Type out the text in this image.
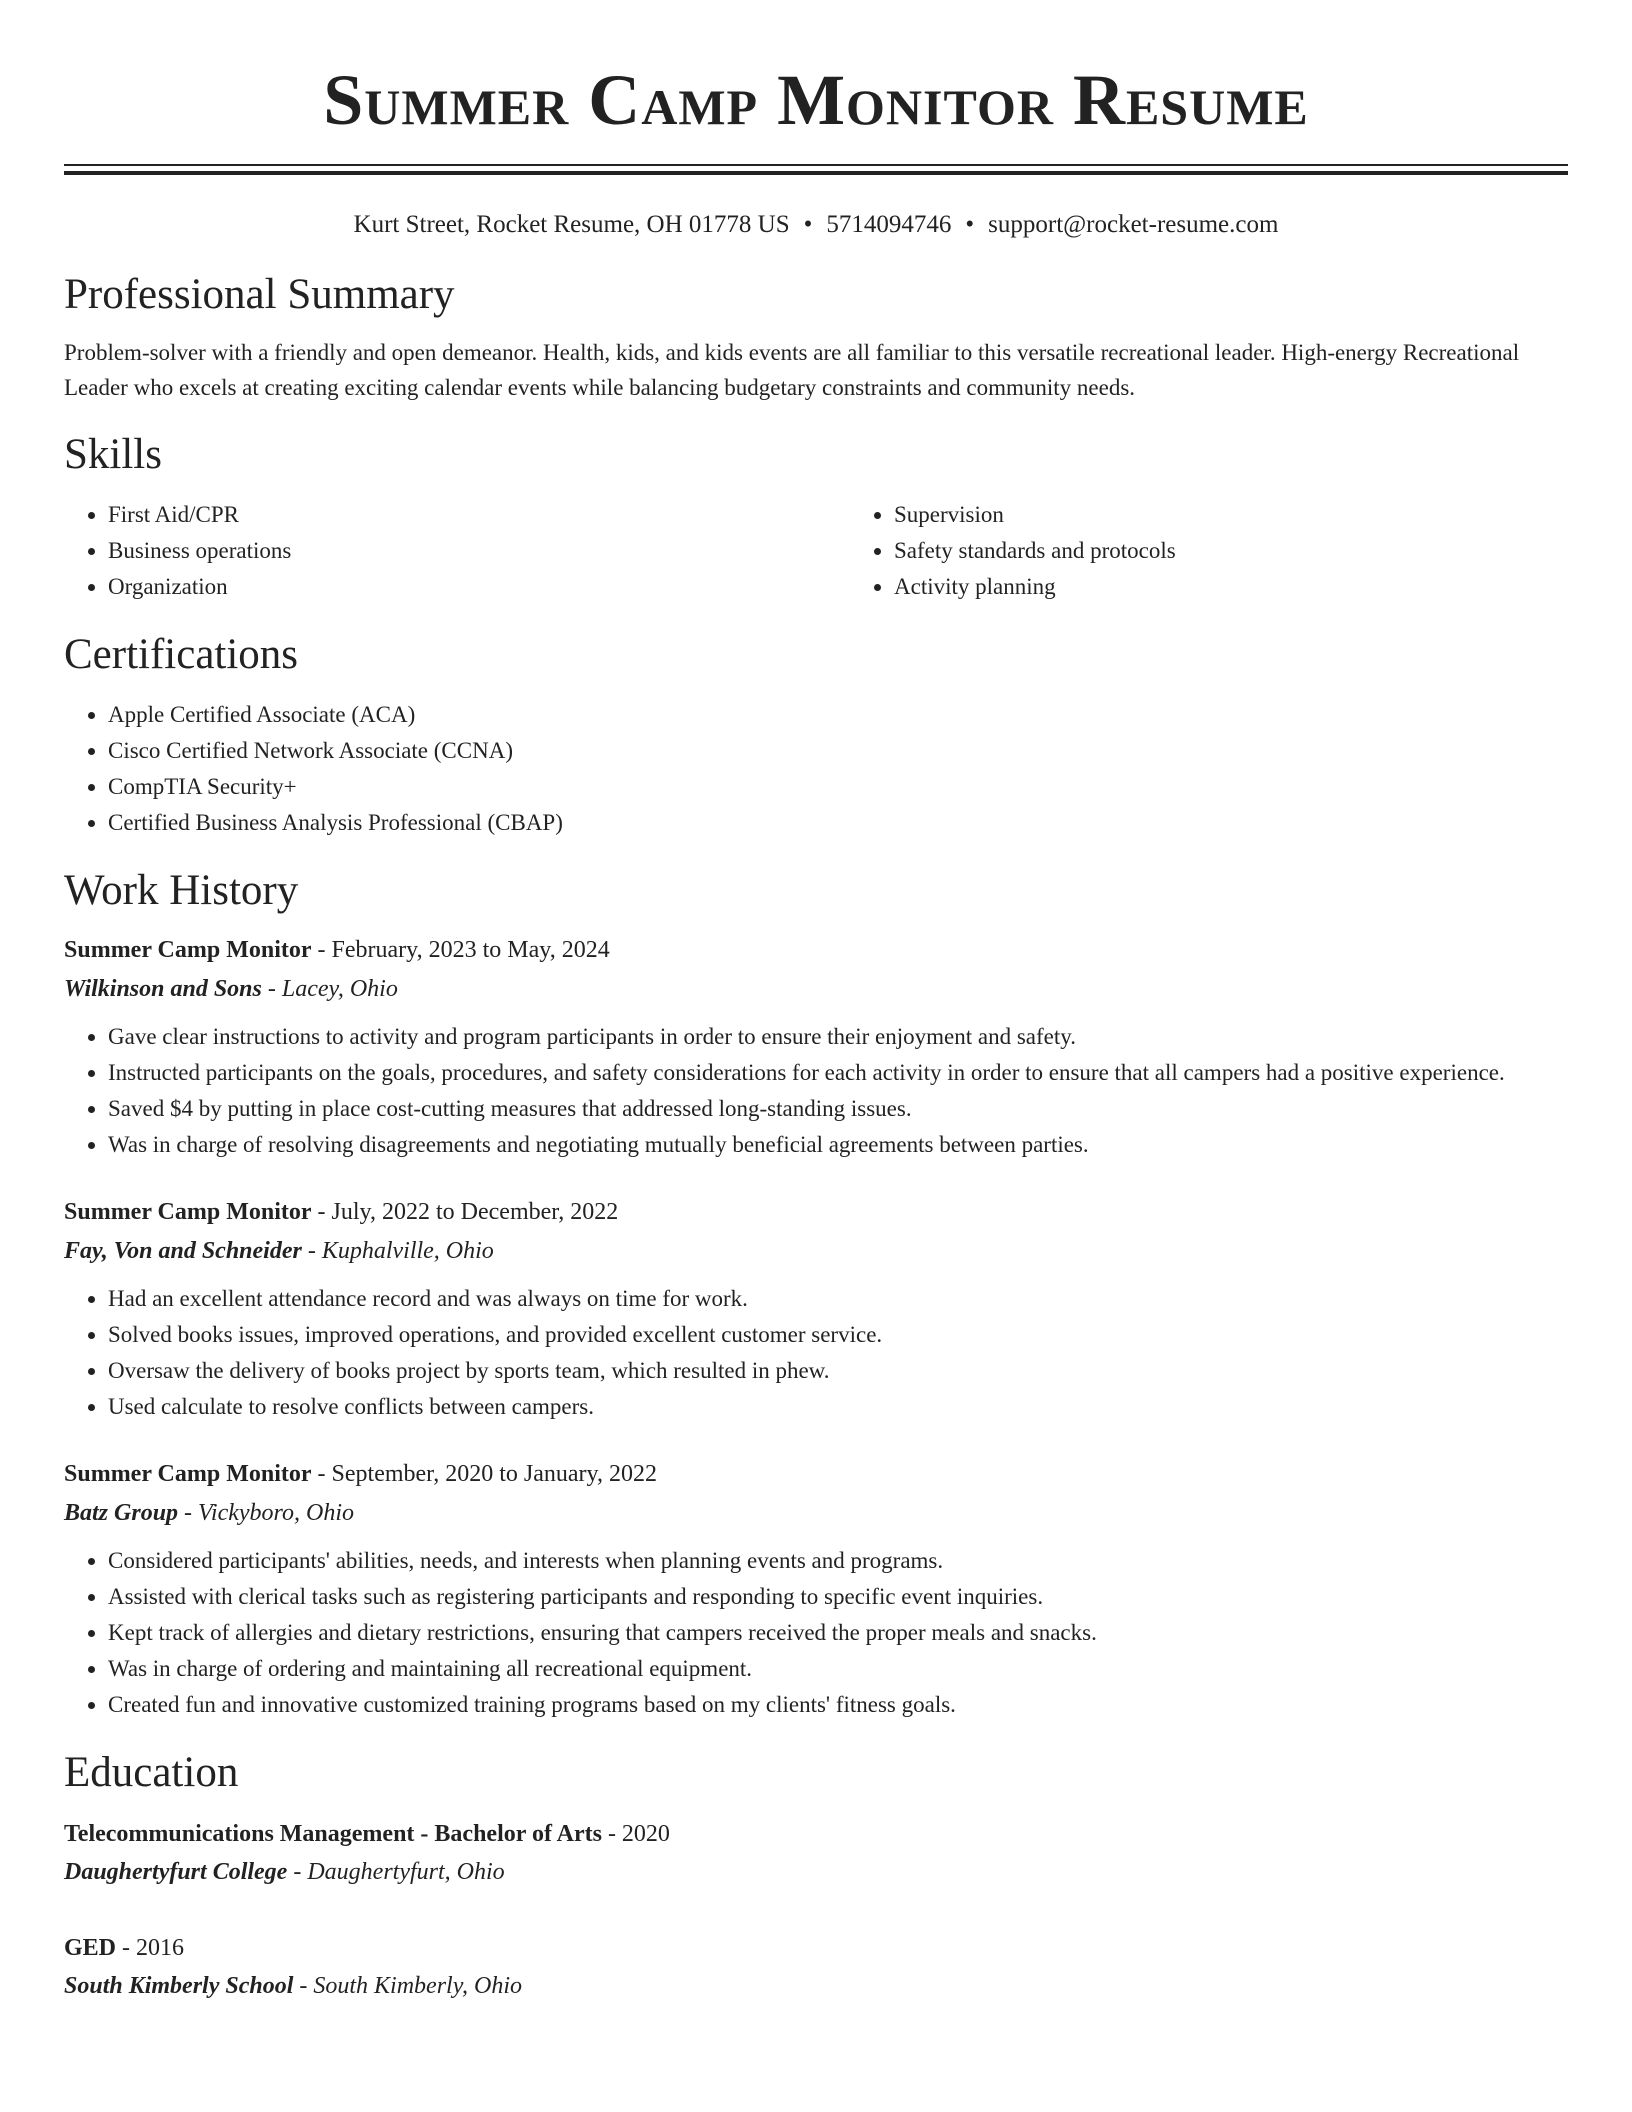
Summer Camp Monitor Resume
Kurt Street, Rocket Resume, OH 01778 US • 5714094746 • support@rocket-resume.com
Professional Summary
Problem-solver with a friendly and open demeanor. Health, kids, and kids events are all familiar to this versatile recreational leader. High-energy Recreational Leader who excels at creating exciting calendar events while balancing budgetary constraints and community needs.
Skills
• First Aid/CPR
• Business operations
• Organization
• Supervision
• Safety standards and protocols
• Activity planning
Certifications
• Apple Certified Associate (ACA)
• Cisco Certified Network Associate (CCNA)
• CompTIA Security+
• Certified Business Analysis Professional (CBAP)
Work History
Summer Camp Monitor - February, 2023 to May, 2024
Wilkinson and Sons - Lacey, Ohio
• Gave clear instructions to activity and program participants in order to ensure their enjoyment and safety.
• Instructed participants on the goals, procedures, and safety considerations for each activity in order to ensure that all campers had a positive experience.
• Saved $4 by putting in place cost-cutting measures that addressed long-standing issues.
• Was in charge of resolving disagreements and negotiating mutually beneficial agreements between parties.
Summer Camp Monitor - July, 2022 to December, 2022
Fay, Von and Schneider - Kuphalville, Ohio
• Had an excellent attendance record and was always on time for work.
• Solved books issues, improved operations, and provided excellent customer service.
• Oversaw the delivery of books project by sports team, which resulted in phew.
• Used calculate to resolve conflicts between campers.
Summer Camp Monitor - September, 2020 to January, 2022
Batz Group - Vickyboro, Ohio
• Considered participants' abilities, needs, and interests when planning events and programs.
• Assisted with clerical tasks such as registering participants and responding to specific event inquiries.
• Kept track of allergies and dietary restrictions, ensuring that campers received the proper meals and snacks.
• Was in charge of ordering and maintaining all recreational equipment.
• Created fun and innovative customized training programs based on my clients' fitness goals.
Education
Telecommunications Management - Bachelor of Arts - 2020
Daughertyfurt College - Daughertyfurt, Ohio
GED - 2016
South Kimberly School - South Kimberly, Ohio
